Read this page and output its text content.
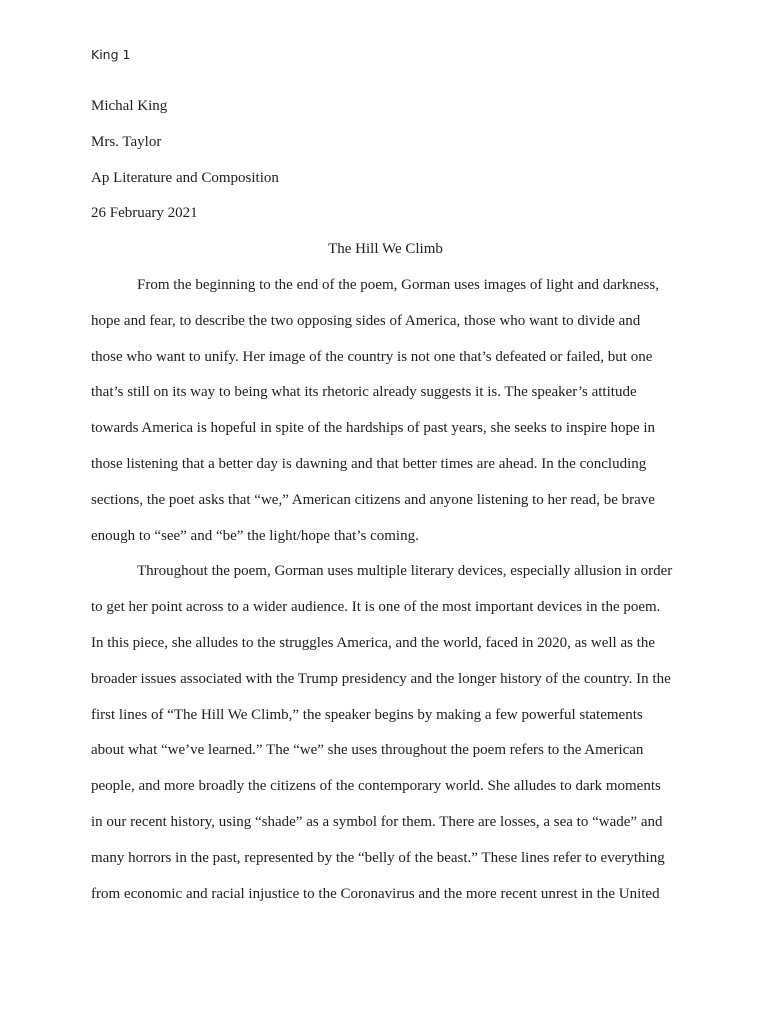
King 1
Michal King
Mrs. Taylor
Ap Literature and Composition
26 February 2021
The Hill We Climb
From the beginning to the end of the poem, Gorman uses images of light and darkness,
hope and fear, to describe the two opposing sides of America, those who want to divide and
those who want to unify. Her image of the country is not one that’s defeated or failed, but one
that’s still on its way to being what its rhetoric already suggests it is. The speaker’s attitude
towards America is hopeful in spite of the hardships of past years, she seeks to inspire hope in
those listening that a better day is dawning and that better times are ahead. In the concluding
sections, the poet asks that “we,” American citizens and anyone listening to her read, be brave
enough to “see” and “be” the light/hope that’s coming.
Throughout the poem, Gorman uses multiple literary devices, especially allusion in order
to get her point across to a wider audience. It is one of the most important devices in the poem.
In this piece, she alludes to the struggles America, and the world, faced in 2020, as well as the
broader issues associated with the Trump presidency and the longer history of the country. In the
first lines of “The Hill We Climb,” the speaker begins by making a few powerful statements
about what “we’ve learned.” The “we” she uses throughout the poem refers to the American
people, and more broadly the citizens of the contemporary world. She alludes to dark moments
in our recent history, using “shade” as a symbol for them. There are losses, a sea to “wade” and
many horrors in the past, represented by the “belly of the beast.” These lines refer to everything
from economic and racial injustice to the Coronavirus and the more recent unrest in the United
